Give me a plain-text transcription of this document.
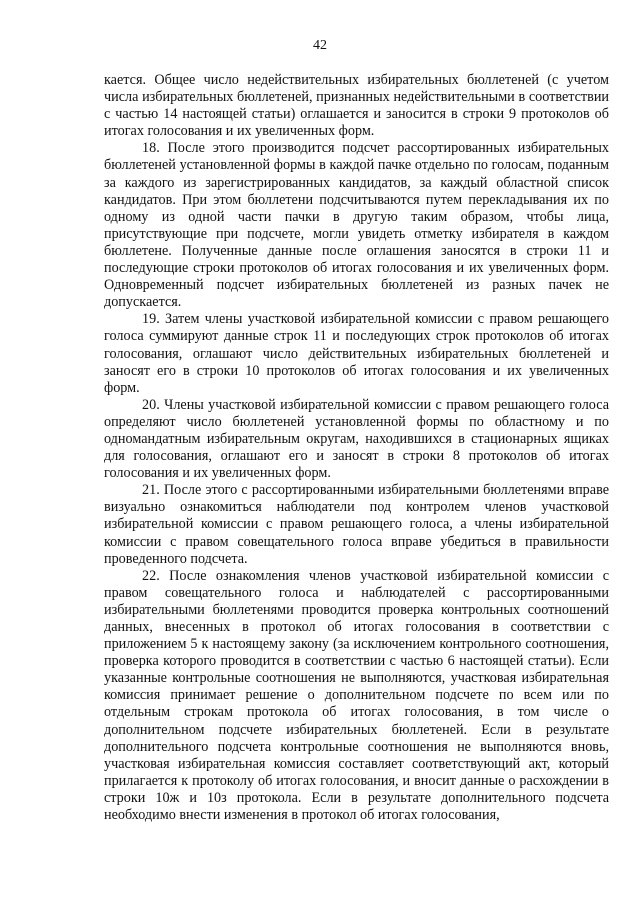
42

кается. Общее число недействительных избирательных бюллетеней (с учетом числа избирательных бюллетеней, признанных недействительными в соответствии с частью 14 настоящей статьи) оглашается и заносится в строки 9 протоколов об итогах голосования и их увеличенных форм.

18. После этого производится подсчет рассортированных избирательных бюллетеней установленной формы в каждой пачке отдельно по голосам, поданным за каждого из зарегистрированных кандидатов, за каждый областной список кандидатов. При этом бюллетени подсчитываются путем перекладывания их по одному из одной части пачки в другую таким образом, чтобы лица, присутствующие при подсчете, могли увидеть отметку избирателя в каждом бюллетене. Полученные данные после оглашения заносятся в строки 11 и последующие строки протоколов об итогах голосования и их увеличенных форм. Одновременный подсчет избирательных бюллетеней из разных пачек не допускается.

19. Затем члены участковой избирательной комиссии с правом решающего голоса суммируют данные строк 11 и последующих строк протоколов об итогах голосования, оглашают число действительных избирательных бюллетеней и заносят его в строки 10 протоколов об итогах голосования и их увеличенных форм.

20. Члены участковой избирательной комиссии с правом решающего голоса определяют число бюллетеней установленной формы по областному и по одномандатным избирательным округам, находившихся в стационарных ящиках для голосования, оглашают его и заносят в строки 8 протоколов об итогах голосования и их увеличенных форм.

21. После этого с рассортированными избирательными бюллетенями вправе визуально ознакомиться наблюдатели под контролем членов участковой избирательной комиссии с правом решающего голоса, а члены избирательной комиссии с правом совещательного голоса вправе убедиться в правильности проведенного подсчета.

22. После ознакомления членов участковой избирательной комиссии с правом совещательного голоса и наблюдателей с рассортированными избирательными бюллетенями проводится проверка контрольных соотношений данных, внесенных в протокол об итогах голосования в соответствии с приложением 5 к настоящему закону (за исключением контрольного соотношения, проверка которого проводится в соответствии с частью 6 настоящей статьи). Если указанные контрольные соотношения не выполняются, участковая избирательная комиссия принимает решение о дополнительном подсчете по всем или по отдельным строкам протокола об итогах голосования, в том числе о дополнительном подсчете избирательных бюллетеней. Если в результате дополнительного подсчета контрольные соотношения не выполняются вновь, участковая избирательная комиссия составляет соответствующий акт, который прилагается к протоколу об итогах голосования, и вносит данные о расхождении в строки 10ж и 10з протокола. Если в результате дополнительного подсчета необходимо внести изменения в протокол об итогах голосования,
